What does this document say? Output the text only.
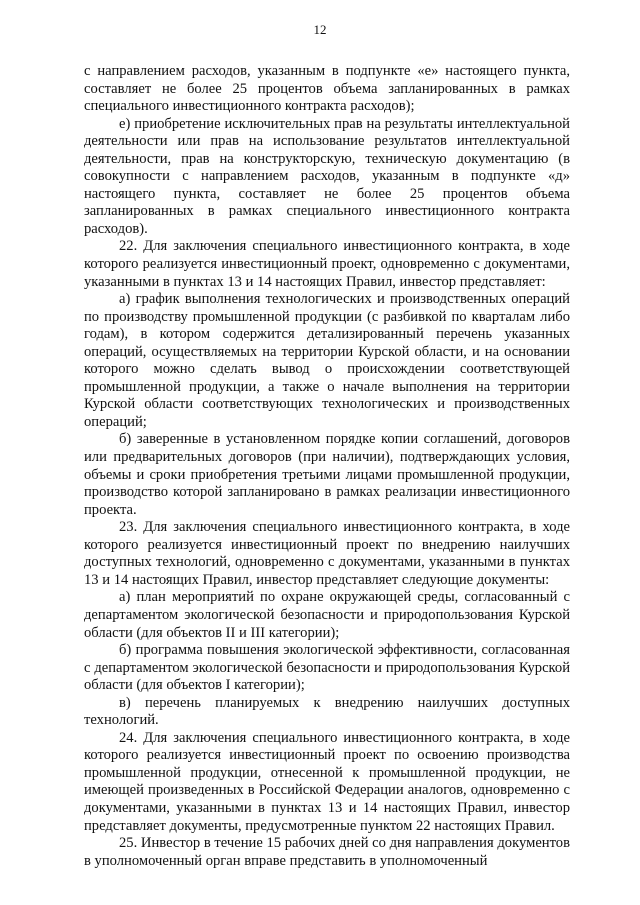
12

с направлением расходов, указанным в подпункте «е» настоящего пункта, составляет не более 25 процентов объема запланированных в рамках специального инвестиционного контракта расходов);

е) приобретение исключительных прав на результаты интеллектуальной деятельности или прав на использование результатов интеллектуальной деятельности, прав на конструкторскую, техническую документацию (в совокупности с направлением расходов, указанным в подпункте «д» настоящего пункта, составляет не более 25 процентов объема запланированных в рамках специального инвестиционного контракта расходов).

22. Для заключения специального инвестиционного контракта, в ходе которого реализуется инвестиционный проект, одновременно с документами, указанными в пунктах 13 и 14 настоящих Правил, инвестор представляет:

а) график выполнения технологических и производственных операций по производству промышленной продукции (с разбивкой по кварталам либо годам), в котором содержится детализированный перечень указанных операций, осуществляемых на территории Курской области, и на основании которого можно сделать вывод о происхождении соответствующей промышленной продукции, а также о начале выполнения на территории Курской области соответствующих технологических и производственных операций;

б) заверенные в установленном порядке копии соглашений, договоров или предварительных договоров (при наличии), подтверждающих условия, объемы и сроки приобретения третьими лицами промышленной продукции, производство которой запланировано в рамках реализации инвестиционного проекта.

23. Для заключения специального инвестиционного контракта, в ходе которого реализуется инвестиционный проект по внедрению наилучших доступных технологий, одновременно с документами, указанными в пунктах 13 и 14 настоящих Правил, инвестор представляет следующие документы:

а) план мероприятий по охране окружающей среды, согласованный с департаментом экологической безопасности и природопользования Курской области (для объектов II и III категории);

б) программа повышения экологической эффективности, согласованная с департаментом экологической безопасности и природопользования Курской области (для объектов I категории);

в) перечень планируемых к внедрению наилучших доступных технологий.

24. Для заключения специального инвестиционного контракта, в ходе которого реализуется инвестиционный проект по освоению производства промышленной продукции, отнесенной к промышленной продукции, не имеющей произведенных в Российской Федерации аналогов, одновременно с документами, указанными в пунктах 13 и 14 настоящих Правил, инвестор представляет документы, предусмотренные пунктом 22 настоящих Правил.

25. Инвестор в течение 15 рабочих дней со дня направления документов в уполномоченный орган вправе представить в уполномоченный
